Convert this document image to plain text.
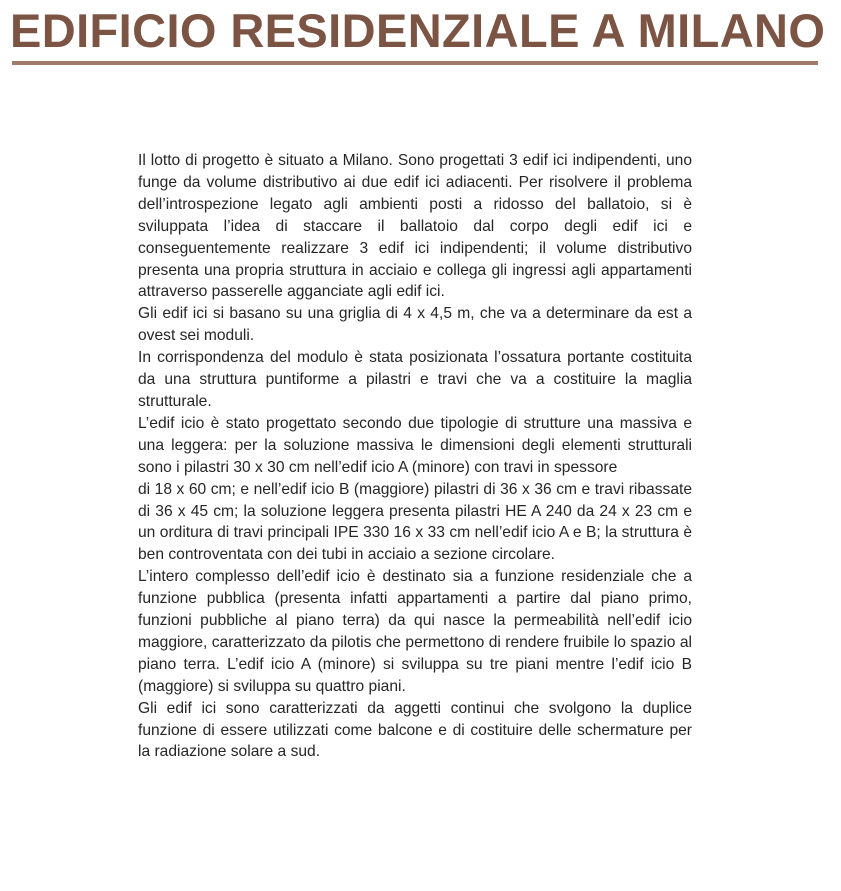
EDIFICIO RESIDENZIALE A MILANO

Il lotto di progetto è situato a Milano. Sono progettati 3 edif ici indipendenti, uno funge da volume distributivo ai due edif ici adiacenti. Per risolvere il problema dell’introspezione legato agli ambienti posti a ridosso del ballatoio, si è sviluppata l’idea di staccare il ballatoio dal corpo degli edif ici e conseguentemente realizzare 3 edif ici indipendenti; il volume distributivo presenta una propria struttura in acciaio e collega gli ingressi agli appartamenti attraverso passerelle agganciate agli edif ici.

Gli edif ici si basano su una griglia di 4 x 4,5 m, che va a determinare da est a ovest sei moduli.

In corrispondenza del modulo è stata posizionata l’ossatura portante costituita da una struttura puntiforme a pilastri e travi che va a costituire la maglia strutturale.

L’edif icio è stato progettato secondo due tipologie di strutture una massiva e una leggera: per la soluzione massiva le dimensioni degli elementi strutturali sono i pilastri 30 x 30 cm nell’edif icio A (minore) con travi in spessore

di 18 x 60 cm; e nell’edif icio B (maggiore) pilastri di 36 x 36 cm e travi ribassate di 36 x 45 cm; la soluzione leggera presenta pilastri HE A 240 da 24 x 23 cm e un orditura di travi principali IPE 330 16 x 33 cm nell’edif icio A e B; la struttura è ben controventata con dei tubi in acciaio a sezione circolare.

L’intero complesso dell’edif icio è destinato sia a funzione residenziale che a funzione pubblica (presenta infatti appartamenti a partire dal piano primo, funzioni pubbliche al piano terra) da qui nasce la permeabilità nell’edif icio maggiore, caratterizzato da pilotis che permettono di rendere fruibile lo spazio al piano terra. L’edif icio A (minore) si sviluppa su tre piani mentre l’edif icio B (maggiore) si sviluppa su quattro piani.

Gli edif ici sono caratterizzati da aggetti continui che svolgono la duplice funzione di essere utilizzati come balcone e di costituire delle schermature per la radiazione solare a sud.
